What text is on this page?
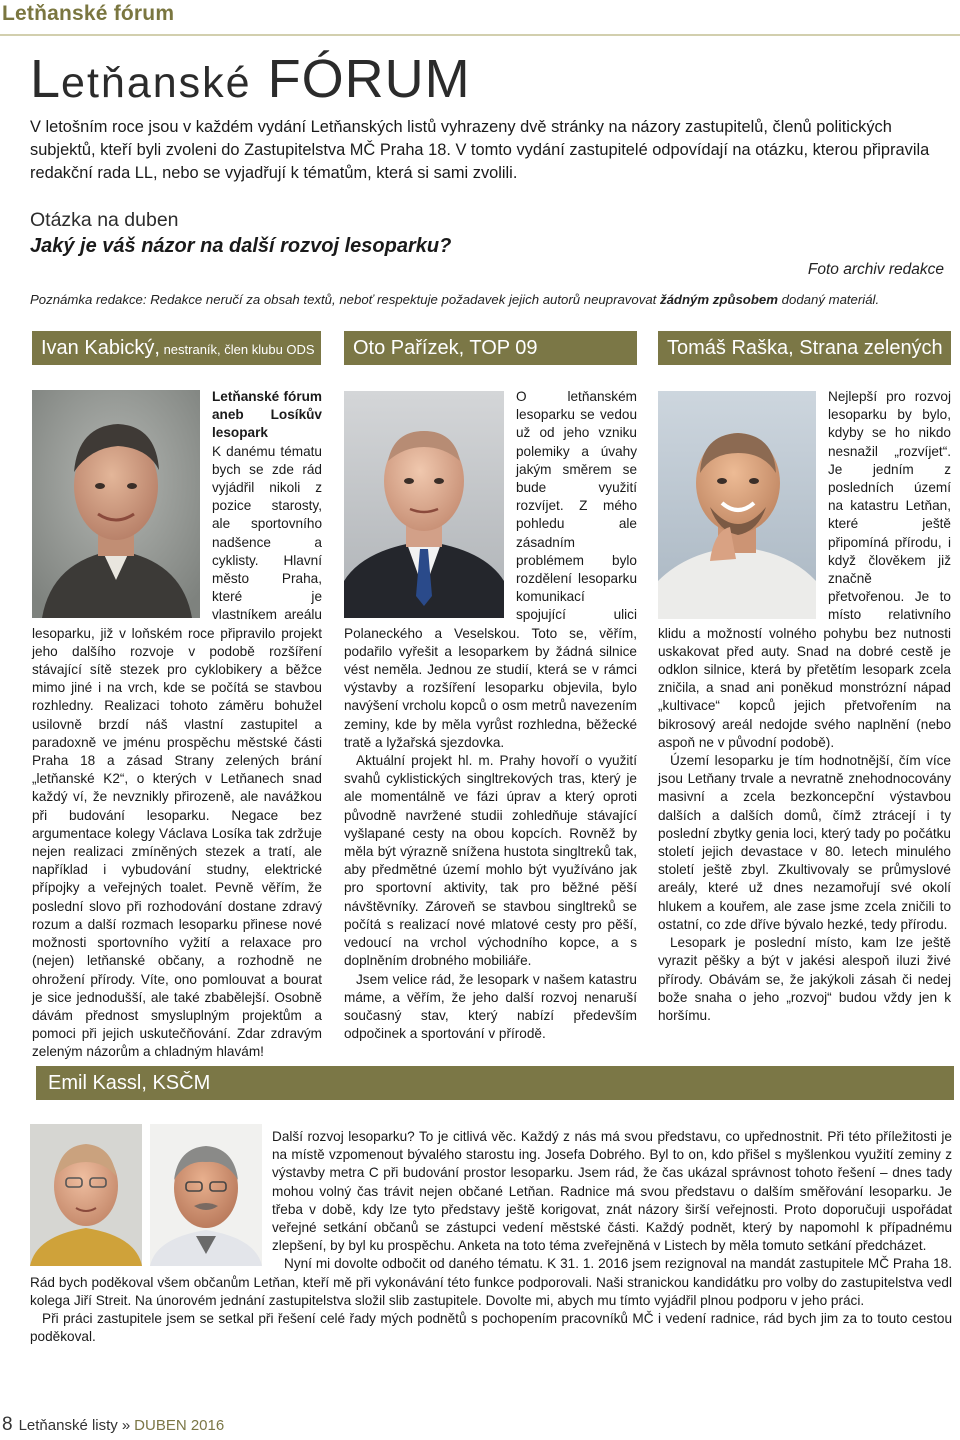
Letňanské fórum
Letňanské FÓRUM

V letošním roce jsou v každém vydání Letňanských listů vyhrazeny dvě stránky na názory zastupitelů, členů politických subjektů, kteří byli zvoleni do Zastupitelstva MČ Praha 18. V tomto vydání zastupitelé odpovídají na otázku, kterou připravila redakční rada LL, nebo se vyjadřují k tématům, která si sami zvolili.

Otázka na duben
Jaký je váš názor na další rozvoj lesoparku?
Foto archiv redakce
Poznámka redakce: Redakce neručí za obsah textů, neboť respektuje požadavek jejich autorů neupravovat žádným způsobem dodaný materiál.
Ivan Kabický, nestraník, člen klubu ODS	Oto Pařízek, TOP 09	Tomáš Raška, Strana zelených

Letňanské fórum aneb Losíkův lesopark

K danému tématu bych se zde rád vyjádřil nikoli z pozice starosty, ale sportovního nadšence a cyklisty. Hlavní město Praha, které je vlastníkem areálu lesoparku, již v loňském roce připravilo projekt jeho dalšího rozvoje v podobě rozšíření stávající sítě stezek pro cyklobikery a běžce mimo jiné i na vrch, kde se počítá se stavbou rozhledny. Realizaci tohoto záměru bohužel usilovně brzdí náš vlastní zastupitel a paradoxně ve jménu prospěchu městské části Praha 18 a zásad Strany zelených brání „letňanské K2“, o kterých v Letňanech snad každý ví, že nevznikly přirozeně, ale navážkou při budování lesoparku. Negace bez argumentace kolegy Václava Losíka tak zdržuje nejen realizaci zmíněných stezek a tratí, ale například i vybudování studny, elektrické přípojky a veřejných toalet. Pevně věřím, že poslední slovo při rozhodování dostane zdravý rozum a další rozmach lesoparku přinese nové možnosti sportovního vyžití a relaxace pro (nejen) letňanské občany, a rozhodně ne ohrožení přírody. Víte, ono pomlouvat a bourat je sice jednodušší, ale také zbabělejší. Osobně dávám přednost smysluplným projektům a pomoci při jejich uskutečňování. Zdar zdravým zeleným názorům a chladným hlavám!

O letňanském lesoparku se vedou už od jeho vzniku polemiky a úvahy jakým směrem se bude využití rozvíjet. Z mého pohledu ale zásadním problémem bylo rozdělení lesoparku komunikací spojující ulici Polaneckého a Veselskou. Toto se, věřím, podařilo vyřešit a lesoparkem by žádná silnice vést neměla. Jednou ze studií, která se v rámci výstavby a rozšíření lesoparku objevila, bylo navýšení vrcholu kopců o osm metrů navezením zeminy, kde by měla vyrůst rozhledna, běžecké tratě a lyžařská sjezdovka.

Aktuální projekt hl. m. Prahy hovoří o využití svahů cyklistických singltrekových tras, který je ale momentálně ve fázi úprav a který oproti původně navržené studii zohledňuje stávající vyšlapané cesty na obou kopcích. Rovněž by měla být výrazně snížena hustota singltreků tak, aby předmětné území mohlo být využíváno jak pro sportovní aktivity, tak pro běžné pěší návštěvníky. Zároveň se stavbou singltreků se počítá s realizací nové mlatové cesty pro pěší, vedoucí na vrchol východního kopce, a s doplněním drobného mobiliáře.

Jsem velice rád, že lesopark v našem katastru máme, a věřím, že jeho další rozvoj nenaruší současný stav, který nabízí především odpočinek a sportování v přírodě.

Nejlepší pro rozvoj lesoparku by bylo, kdyby se ho nikdo nesnažil „rozvíjet“. Je jedním z posledních území na katastru Letňan, které ještě připomíná přírodu, i když člověkem již značně přetvořenou. Je to místo relativního klidu a možností volného pohybu bez nutnosti uskakovat před auty. Snad na dobré cestě je odklon silnice, která by přetětím lesopark zcela zničila, a snad ani poněkud monstrózní nápad „kultivace“ kopců jejich přetvořením na bikrosový areál nedojde svého naplnění (nebo aspoň ne v původní podobě).

Území lesoparku je tím hodnotnější, čím více jsou Letňany trvale a nevratně znehodnocovány masivní a zcela bezkoncepční výstavbou dalších a dalších domů, čímž ztrácejí i ty poslední zbytky genia loci, který tady po počátku století jejich devastace v 80. letech minulého století ještě zbyl. Zkultivovaly se průmyslové areály, které už dnes nezamořují své okolí hlukem a kouřem, ale zase jsme zcela zničili to ostatní, co zde dříve bývalo hezké, tedy přírodu.

Lesopark je poslední místo, kam lze ještě vyrazit pěšky a být v jakési alespoň iluzi živé přírody. Obávám se, že jakýkoli zásah či nedej bože snaha o jeho „rozvoj“ budou vždy jen k horšímu.

Emil Kassl, KSČM

Další rozvoj lesoparku? To je citlivá věc. Každý z nás má svou představu, co upřednostnit. Při této příležitosti je na místě vzpomenout bývalého starostu ing. Josefa Dobrého. Byl to on, kdo přišel s myšlenkou využití zeminy z výstavby metra C při budování prostor lesoparku. Jsem rád, že čas ukázal správnost tohoto řešení – dnes tady mohou volný čas trávit nejen občané Letňan. Radnice má svou představu o dalším směřování lesoparku. Je třeba v době, kdy lze tyto představy ještě korigovat, znát názory širší veřejnosti. Proto doporučuji uspořádat veřejné setkání občanů se zástupci vedení městské části. Každý podnět, který by napomohl k případnému zlepšení, by byl ku prospěchu. Anketa na toto téma zveřejněná v Listech by měla tomuto setkání předcházet.

Nyní mi dovolte odbočit od daného tématu. K 31. 1. 2016 jsem rezignoval na mandát zastupitele MČ Praha 18. Rád bych poděkoval všem občanům Letňan, kteří mě při vykonávání této funkce podporovali. Naši stranickou kandidátku pro volby do zastupitelstva vedl kolega Jiří Streit. Na únorovém jednání zastupitelstva složil slib zastupitele. Dovolte mi, abych mu tímto vyjádřil plnou podporu v jeho práci.

Při práci zastupitele jsem se setkal při řešení celé řady mých podnětů s pochopením pracovníků MČ i vedení radnice, rád bych jim za to touto cestou poděkoval.

8 Letňanské listy » DUBEN 2016
